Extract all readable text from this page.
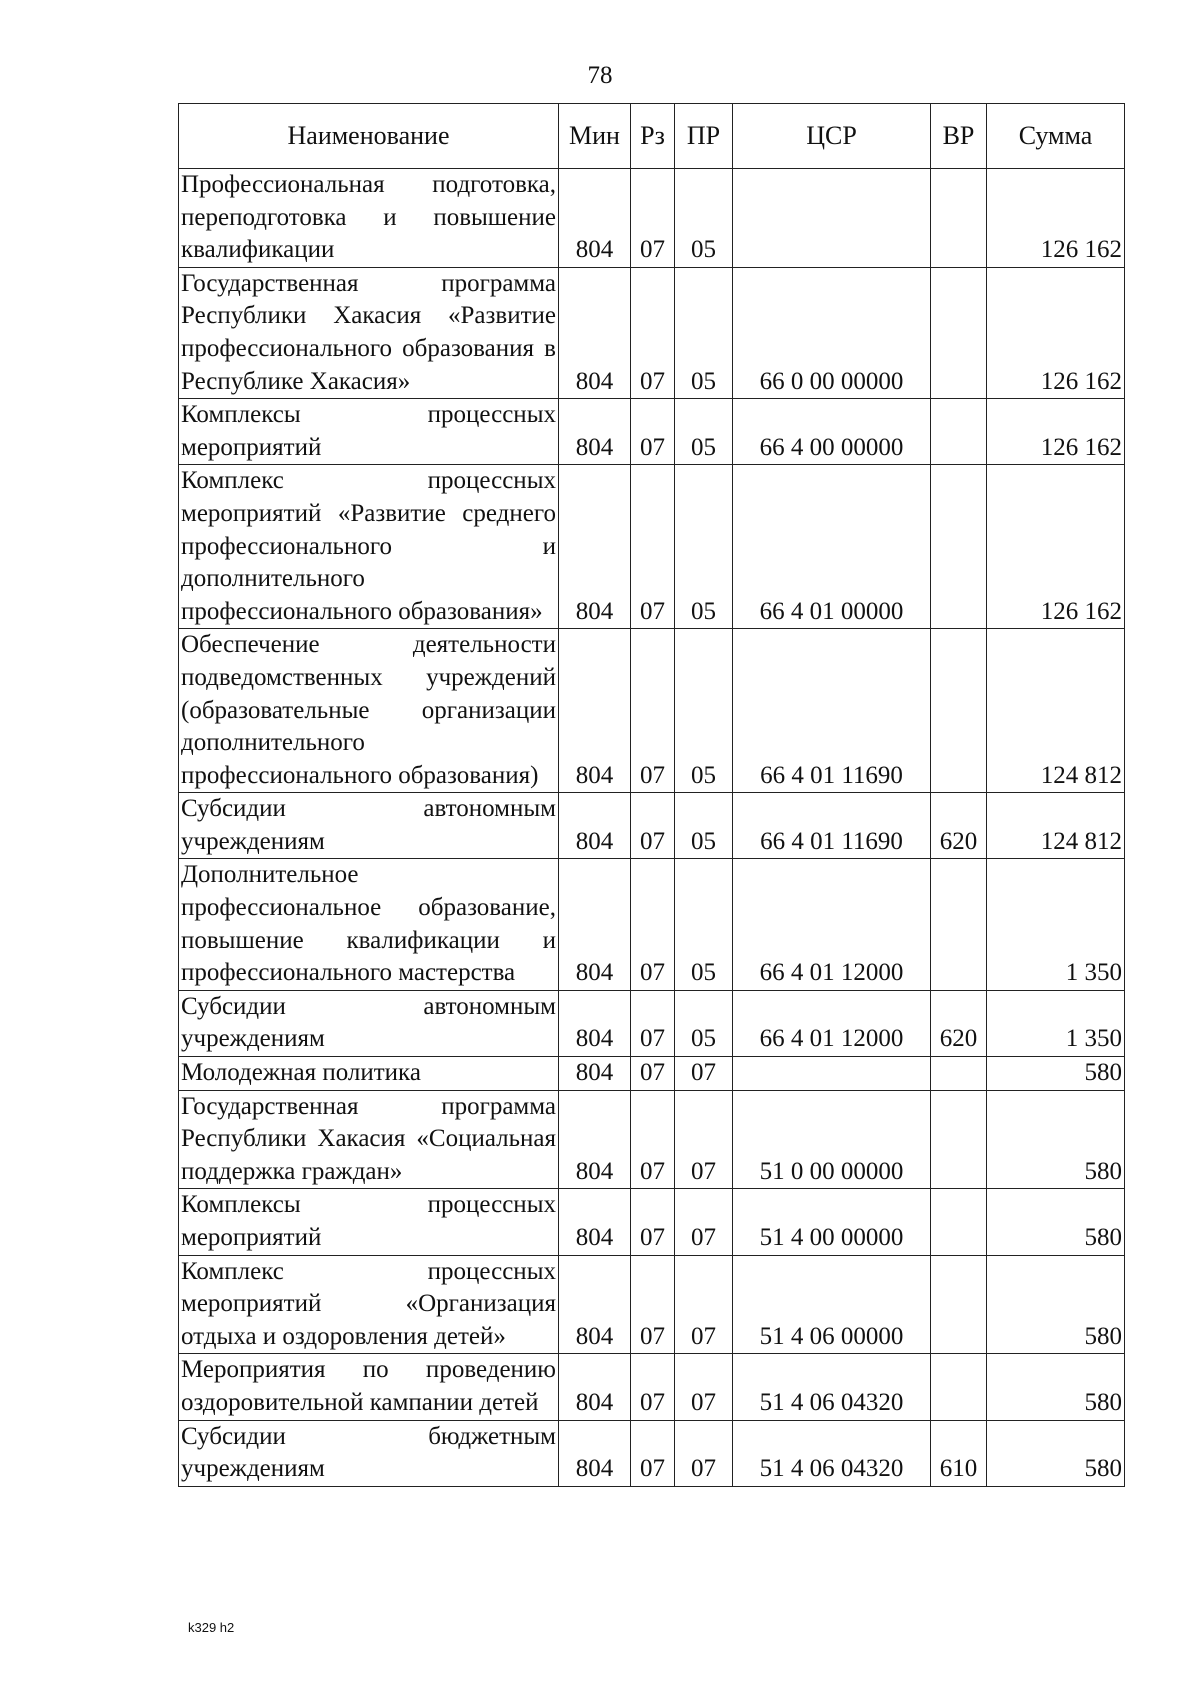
78
Наименование	Мин	Рз	ПР	ЦСР	ВР	Сумма
Профессиональная подготовка, переподготовка и повышение квалификации	804	07	05			126 162
Государственная программа Республики Хакасия «Развитие профессионального образования в Республике Хакасия»	804	07	05	66 0 00 00000		126 162
Комплексы процессных мероприятий	804	07	05	66 4 00 00000		126 162
Комплекс процессных мероприятий «Развитие среднего профессионального и дополнительного профессионального образования»	804	07	05	66 4 01 00000		126 162
Обеспечение деятельности подведомственных учреждений (образовательные организации дополнительного профессионального образования)	804	07	05	66 4 01 11690		124 812
Субсидии автономным учреждениям	804	07	05	66 4 01 11690	620	124 812
Дополнительное профессиональное образование, повышение квалификации и профессионального мастерства	804	07	05	66 4 01 12000		1 350
Субсидии автономным учреждениям	804	07	05	66 4 01 12000	620	1 350
Молодежная политика	804	07	07			580
Государственная программа Республики Хакасия «Социальная поддержка граждан»	804	07	07	51 0 00 00000		580
Комплексы процессных мероприятий	804	07	07	51 4 00 00000		580
Комплекс процессных мероприятий «Организация отдыха и оздоровления детей»	804	07	07	51 4 06 00000		580
Мероприятия по проведению оздоровительной кампании детей	804	07	07	51 4 06 04320		580
Субсидии бюджетным учреждениям	804	07	07	51 4 06 04320	610	580
k329 h2
